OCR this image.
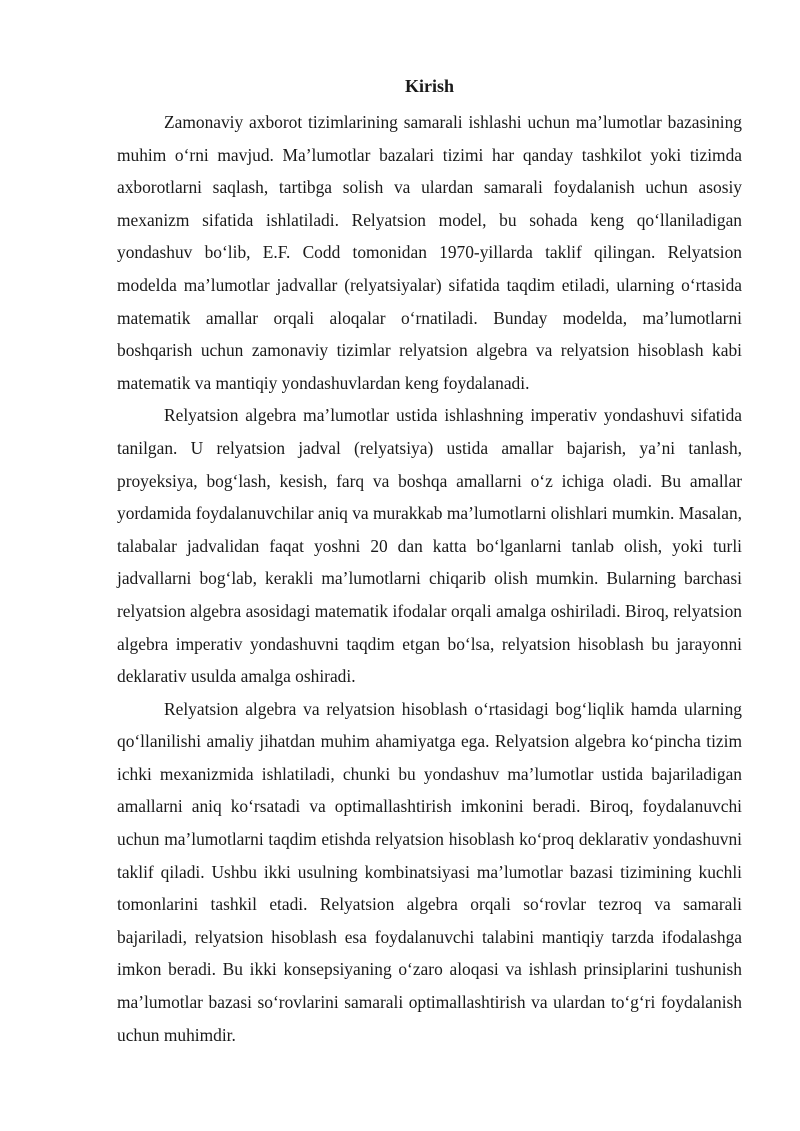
Kirish

Zamonaviy axborot tizimlarining samarali ishlashi uchun ma’lumotlar bazasining muhim o‘rni mavjud. Ma’lumotlar bazalari tizimi har qanday tashkilot yoki tizimda axborotlarni saqlash, tartibga solish va ulardan samarali foydalanish uchun asosiy mexanizm sifatida ishlatiladi. Relyatsion model, bu sohada keng qo‘llaniladigan yondashuv bo‘lib, E.F. Codd tomonidan 1970-yillarda taklif qilingan. Relyatsion modelda ma’lumotlar jadvallar (relyatsiyalar) sifatida taqdim etiladi, ularning o‘rtasida matematik amallar orqali aloqalar o‘rnatiladi. Bunday modelda, ma’lumotlarni boshqarish uchun zamonaviy tizimlar relyatsion algebra va relyatsion hisoblash kabi matematik va mantiqiy yondashuvlardan keng foydalanadi.

Relyatsion algebra ma’lumotlar ustida ishlashning imperativ yondashuvi sifatida tanilgan. U relyatsion jadval (relyatsiya) ustida amallar bajarish, ya’ni tanlash, proyeksiya, bog‘lash, kesish, farq va boshqa amallarni o‘z ichiga oladi. Bu amallar yordamida foydalanuvchilar aniq va murakkab ma’lumotlarni olishlari mumkin. Masalan, talabalar jadvalidan faqat yoshni 20 dan katta bo‘lganlarni tanlab olish, yoki turli jadvallarni bog‘lab, kerakli ma’lumotlarni chiqarib olish mumkin. Bularning barchasi relyatsion algebra asosidagi matematik ifodalar orqali amalga oshiriladi. Biroq, relyatsion algebra imperativ yondashuvni taqdim etgan bo‘lsa, relyatsion hisoblash bu jarayonni deklarativ usulda amalga oshiradi.

Relyatsion algebra va relyatsion hisoblash o‘rtasidagi bog‘liqlik hamda ularning qo‘llanilishi amaliy jihatdan muhim ahamiyatga ega. Relyatsion algebra ko‘pincha tizim ichki mexanizmida ishlatiladi, chunki bu yondashuv ma’lumotlar ustida bajariladigan amallarni aniq ko‘rsatadi va optimallashtirish imkonini beradi. Biroq, foydalanuvchi uchun ma’lumotlarni taqdim etishda relyatsion hisoblash ko‘proq deklarativ yondashuvni taklif qiladi. Ushbu ikki usulning kombinatsiyasi ma’lumotlar bazasi tizimining kuchli tomonlarini tashkil etadi. Relyatsion algebra orqali so‘rovlar tezroq va samarali bajariladi, relyatsion hisoblash esa foydalanuvchi talabini mantiqiy tarzda ifodalashga imkon beradi. Bu ikki konsepsiyaning o‘zaro aloqasi va ishlash prinsiplarini tushunish ma’lumotlar bazasi so‘rovlarini samarali optimallashtirish va ulardan to‘g‘ri foydalanish uchun muhimdir.
